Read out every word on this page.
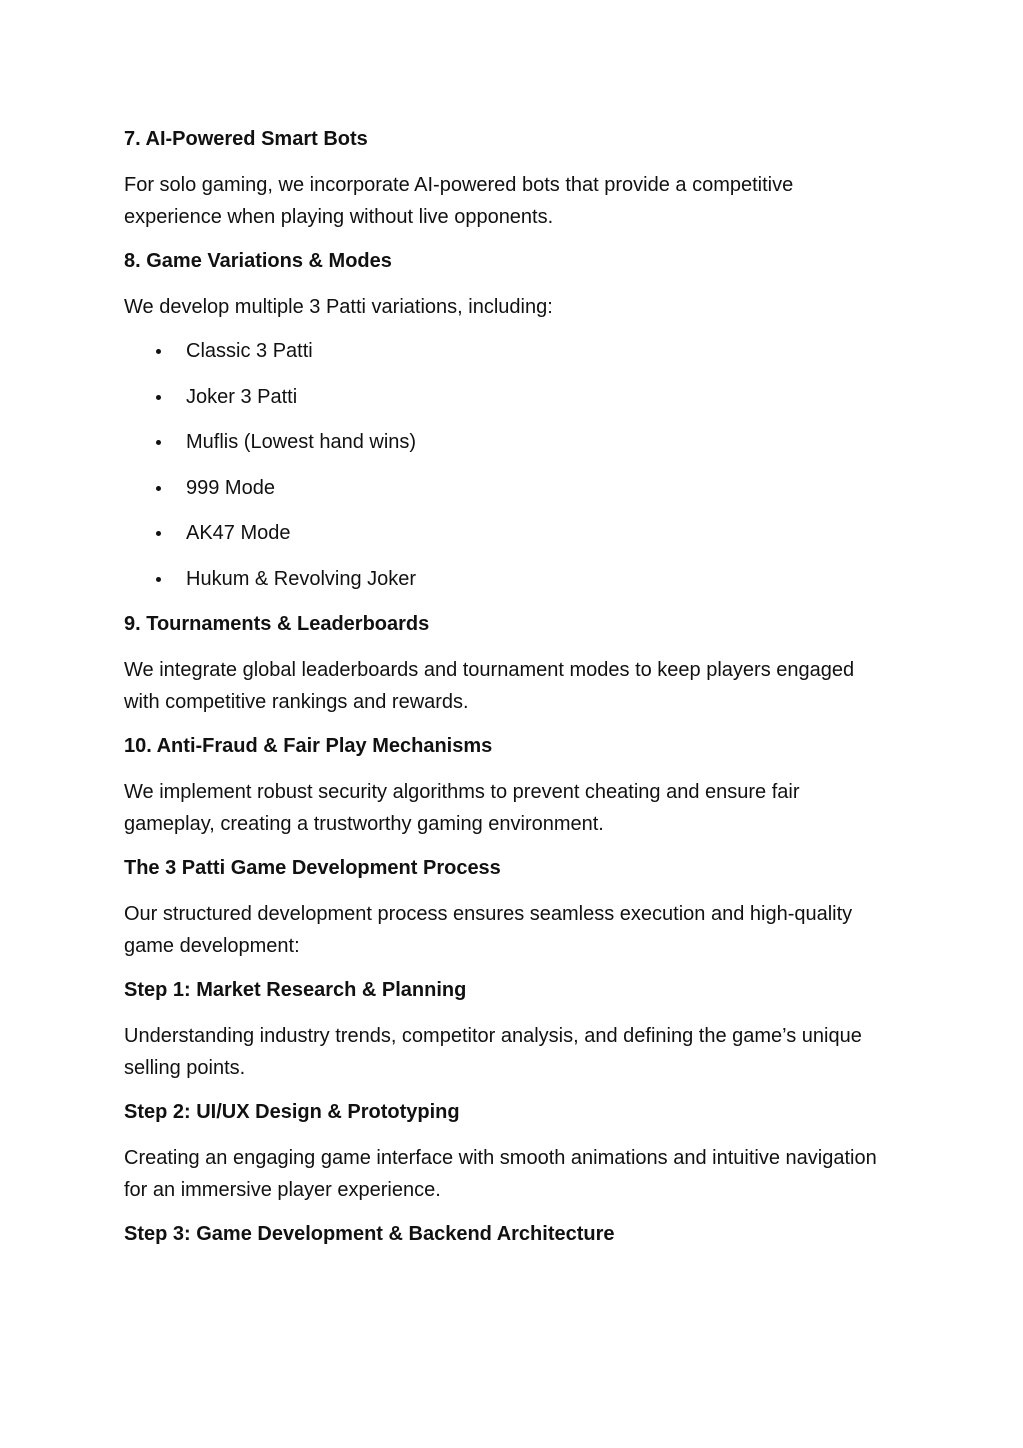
7. AI-Powered Smart Bots

For solo gaming, we incorporate AI-powered bots that provide a competitive experience when playing without live opponents.

8. Game Variations & Modes

We develop multiple 3 Patti variations, including:

Classic 3 Patti
Joker 3 Patti
Muflis (Lowest hand wins)
999 Mode
AK47 Mode
Hukum & Revolving Joker
9. Tournaments & Leaderboards

We integrate global leaderboards and tournament modes to keep players engaged with competitive rankings and rewards.

10. Anti-Fraud & Fair Play Mechanisms

We implement robust security algorithms to prevent cheating and ensure fair gameplay, creating a trustworthy gaming environment.

The 3 Patti Game Development Process

Our structured development process ensures seamless execution and high-quality game development:

Step 1: Market Research & Planning

Understanding industry trends, competitor analysis, and defining the game’s unique selling points.

Step 2: UI/UX Design & Prototyping

Creating an engaging game interface with smooth animations and intuitive navigation for an immersive player experience.

Step 3: Game Development & Backend Architecture
